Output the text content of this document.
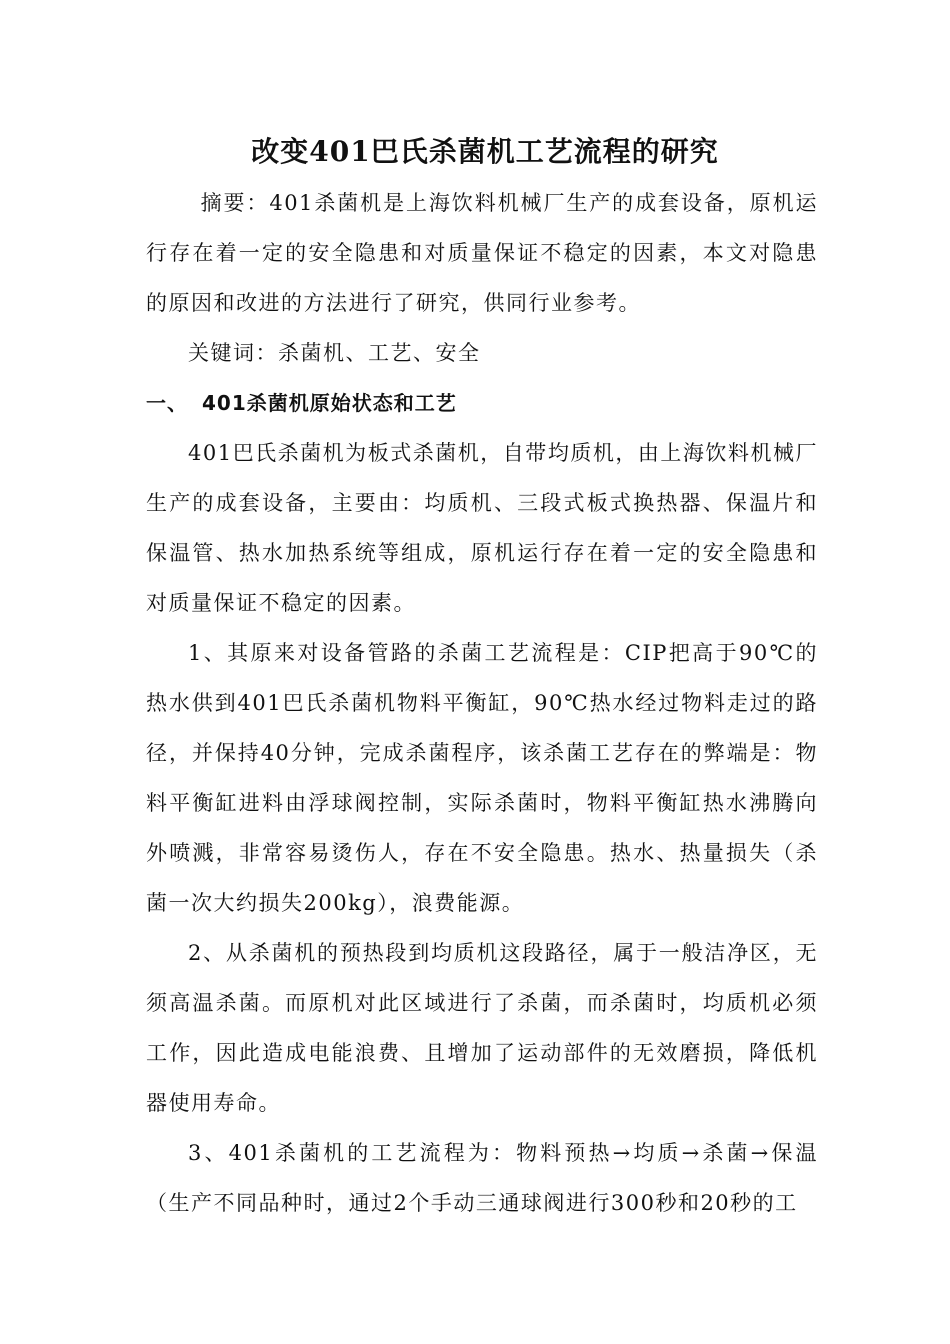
改变401巴氏杀菌机工艺流程的研究

摘要：401杀菌机是上海饮料机械厂生产的成套设备，原机运行存在着一定的安全隐患和对质量保证不稳定的因素，本文对隐患的原因和改进的方法进行了研究，供同行业参考。

关键词：杀菌机、工艺、安全

一、 401杀菌机原始状态和工艺

401巴氏杀菌机为板式杀菌机，自带均质机，由上海饮料机械厂生产的成套设备，主要由：均质机、三段式板式换热器、保温片和保温管、热水加热系统等组成，原机运行存在着一定的安全隐患和对质量保证不稳定的因素。

1、其原来对设备管路的杀菌工艺流程是：CIP把高于90℃的热水供到401巴氏杀菌机物料平衡缸，90℃热水经过物料走过的路径，并保持40分钟，完成杀菌程序，该杀菌工艺存在的弊端是：物料平衡缸进料由浮球阀控制，实际杀菌时，物料平衡缸热水沸腾向外喷溅，非常容易烫伤人，存在不安全隐患。热水、热量损失（杀菌一次大约损失200kg），浪费能源。

2、从杀菌机的预热段到均质机这段路径，属于一般洁净区，无须高温杀菌。而原机对此区域进行了杀菌，而杀菌时，均质机必须工作，因此造成电能浪费、且增加了运动部件的无效磨损，降低机器使用寿命。

3、401杀菌机的工艺流程为：物料预热→均质→杀菌→保温（生产不同品种时，通过2个手动三通球阀进行300秒和20秒的工
